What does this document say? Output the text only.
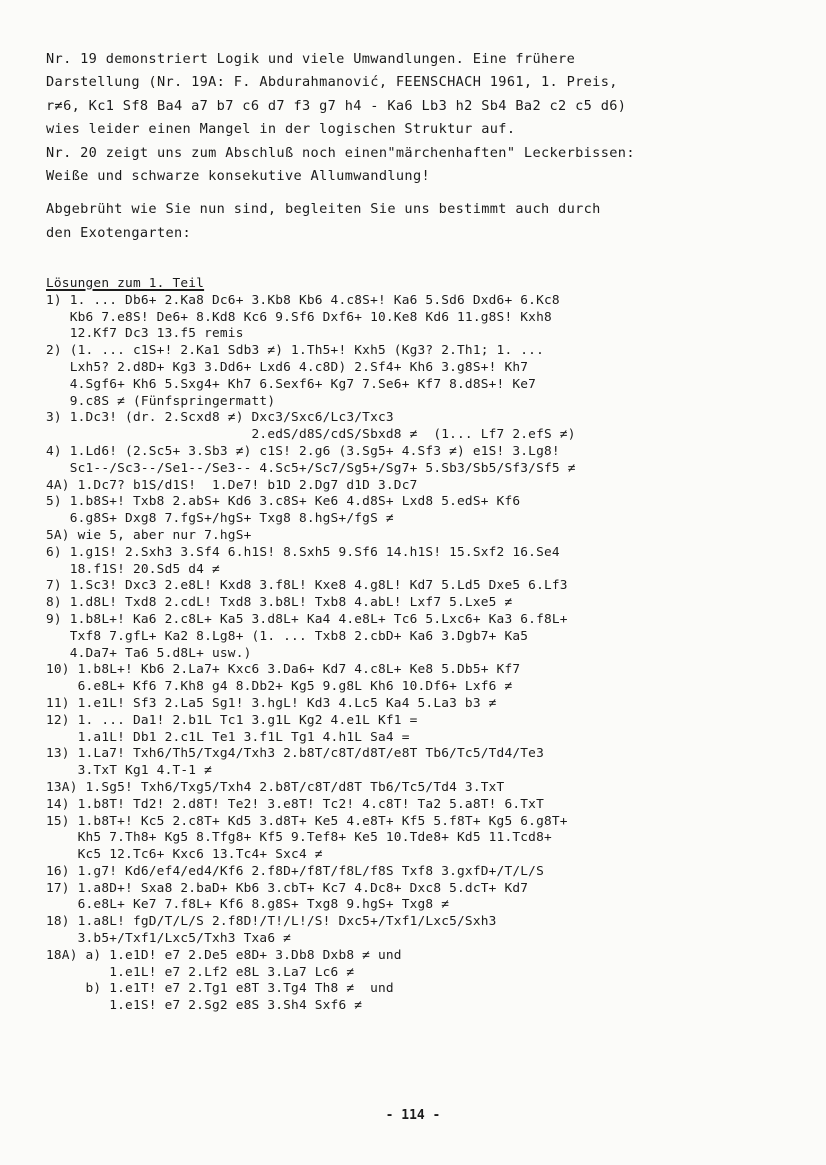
Nr. 19 demonstriert Logik und viele Umwandlungen. Eine frühere
Darstellung (Nr. 19A: F. Abdurahmanović, FEENSCHACH 1961, 1. Preis,
r≠6, Kc1 Sf8 Ba4 a7 b7 c6 d7 f3 g7 h4 - Ka6 Lb3 h2 Sb4 Ba2 c2 c5 d6)
wies leider einen Mangel in der logischen Struktur auf.
Nr. 20 zeigt uns zum Abschluß noch einen"märchenhaften" Leckerbissen:
Weiße und schwarze konsekutive Allumwandlung!
Abgebrüht wie Sie nun sind, begleiten Sie uns bestimmt auch durch
den Exotengarten:
Lösungen zum 1. Teil
1) 1. ... Db6+ 2.Ka8 Dc6+ 3.Kb8 Kb6 4.c8S+! Ka6 5.Sd6 Dxd6+ 6.Kc8
Kb6 7.e8S! De6+ 8.Kd8 Kc6 9.Sf6 Dxf6+ 10.Ke8 Kd6 11.g8S! Kxh8
12.Kf7 Dc3 13.f5 remis
2) (1. ... c1S+! 2.Ka1 Sdb3 ≠) 1.Th5+! Kxh5 (Kg3? 2.Th1; 1. ...
Lxh5? 2.d8D+ Kg3 3.Dd6+ Lxd6 4.c8D) 2.Sf4+ Kh6 3.g8S+! Kh7
4.Sgf6+ Kh6 5.Sxg4+ Kh7 6.Sexf6+ Kg7 7.Se6+ Kf7 8.d8S+! Ke7
9.c8S ≠ (Fünfspringermatt)
3) 1.Dc3! (dr. 2.Scxd8 ≠) Dxc3/Sxc6/Lc3/Txc3
2.edS/d8S/cdS/Sbxd8 ≠  (1... Lf7 2.efS ≠)
4) 1.Ld6! (2.Sc5+ 3.Sb3 ≠) c1S! 2.g6 (3.Sg5+ 4.Sf3 ≠) e1S! 3.Lg8!
Sc1--/Sc3--/Se1--/Se3-- 4.Sc5+/Sc7/Sg5+/Sg7+ 5.Sb3/Sb5/Sf3/Sf5 ≠
4A) 1.Dc7? b1S/d1S!  1.De7! b1D 2.Dg7 d1D 3.Dc7
5) 1.b8S+! Txb8 2.abS+ Kd6 3.c8S+ Ke6 4.d8S+ Lxd8 5.edS+ Kf6
6.g8S+ Dxg8 7.fgS+/hgS+ Txg8 8.hgS+/fgS ≠
5A) wie 5, aber nur 7.hgS+
6) 1.g1S! 2.Sxh3 3.Sf4 6.h1S! 8.Sxh5 9.Sf6 14.h1S! 15.Sxf2 16.Se4
18.f1S! 20.Sd5 d4 ≠
7) 1.Sc3! Dxc3 2.e8L! Kxd8 3.f8L! Kxe8 4.g8L! Kd7 5.Ld5 Dxe5 6.Lf3
8) 1.d8L! Txd8 2.cdL! Txd8 3.b8L! Txb8 4.abL! Lxf7 5.Lxe5 ≠
9) 1.b8L+! Ka6 2.c8L+ Ka5 3.d8L+ Ka4 4.e8L+ Tc6 5.Lxc6+ Ka3 6.f8L+
Txf8 7.gfL+ Ka2 8.Lg8+ (1. ... Txb8 2.cbD+ Ka6 3.Dgb7+ Ka5
4.Da7+ Ta6 5.d8L+ usw.)
10) 1.b8L+! Kb6 2.La7+ Kxc6 3.Da6+ Kd7 4.c8L+ Ke8 5.Db5+ Kf7
6.e8L+ Kf6 7.Kh8 g4 8.Db2+ Kg5 9.g8L Kh6 10.Df6+ Lxf6 ≠
11) 1.e1L! Sf3 2.La5 Sg1! 3.hgL! Kd3 4.Lc5 Ka4 5.La3 b3 ≠
12) 1. ... Da1! 2.b1L Tc1 3.g1L Kg2 4.e1L Kf1 =
1.a1L! Db1 2.c1L Te1 3.f1L Tg1 4.h1L Sa4 =
13) 1.La7! Txh6/Th5/Txg4/Txh3 2.b8T/c8T/d8T/e8T Tb6/Tc5/Td4/Te3
3.TxT Kg1 4.T-1 ≠
13A) 1.Sg5! Txh6/Txg5/Txh4 2.b8T/c8T/d8T Tb6/Tc5/Td4 3.TxT
14) 1.b8T! Td2! 2.d8T! Te2! 3.e8T! Tc2! 4.c8T! Ta2 5.a8T! 6.TxT
15) 1.b8T+! Kc5 2.c8T+ Kd5 3.d8T+ Ke5 4.e8T+ Kf5 5.f8T+ Kg5 6.g8T+
Kh5 7.Th8+ Kg5 8.Tfg8+ Kf5 9.Tef8+ Ke5 10.Tde8+ Kd5 11.Tcd8+
Kc5 12.Tc6+ Kxc6 13.Tc4+ Sxc4 ≠
16) 1.g7! Kd6/ef4/ed4/Kf6 2.f8D+/f8T/f8L/f8S Txf8 3.gxfD+/T/L/S
17) 1.a8D+! Sxa8 2.baD+ Kb6 3.cbT+ Kc7 4.Dc8+ Dxc8 5.dcT+ Kd7
6.e8L+ Ke7 7.f8L+ Kf6 8.g8S+ Txg8 9.hgS+ Txg8 ≠
18) 1.a8L! fgD/T/L/S 2.f8D!/T!/L!/S! Dxc5+/Txf1/Lxc5/Sxh3
3.b5+/Txf1/Lxc5/Txh3 Txa6 ≠
18A) a) 1.e1D! e7 2.De5 e8D+ 3.Db8 Dxb8 ≠ und
1.e1L! e7 2.Lf2 e8L 3.La7 Lc6 ≠
b) 1.e1T! e7 2.Tg1 e8T 3.Tg4 Th8 ≠  und
1.e1S! e7 2.Sg2 e8S 3.Sh4 Sxf6 ≠
- 114 -
